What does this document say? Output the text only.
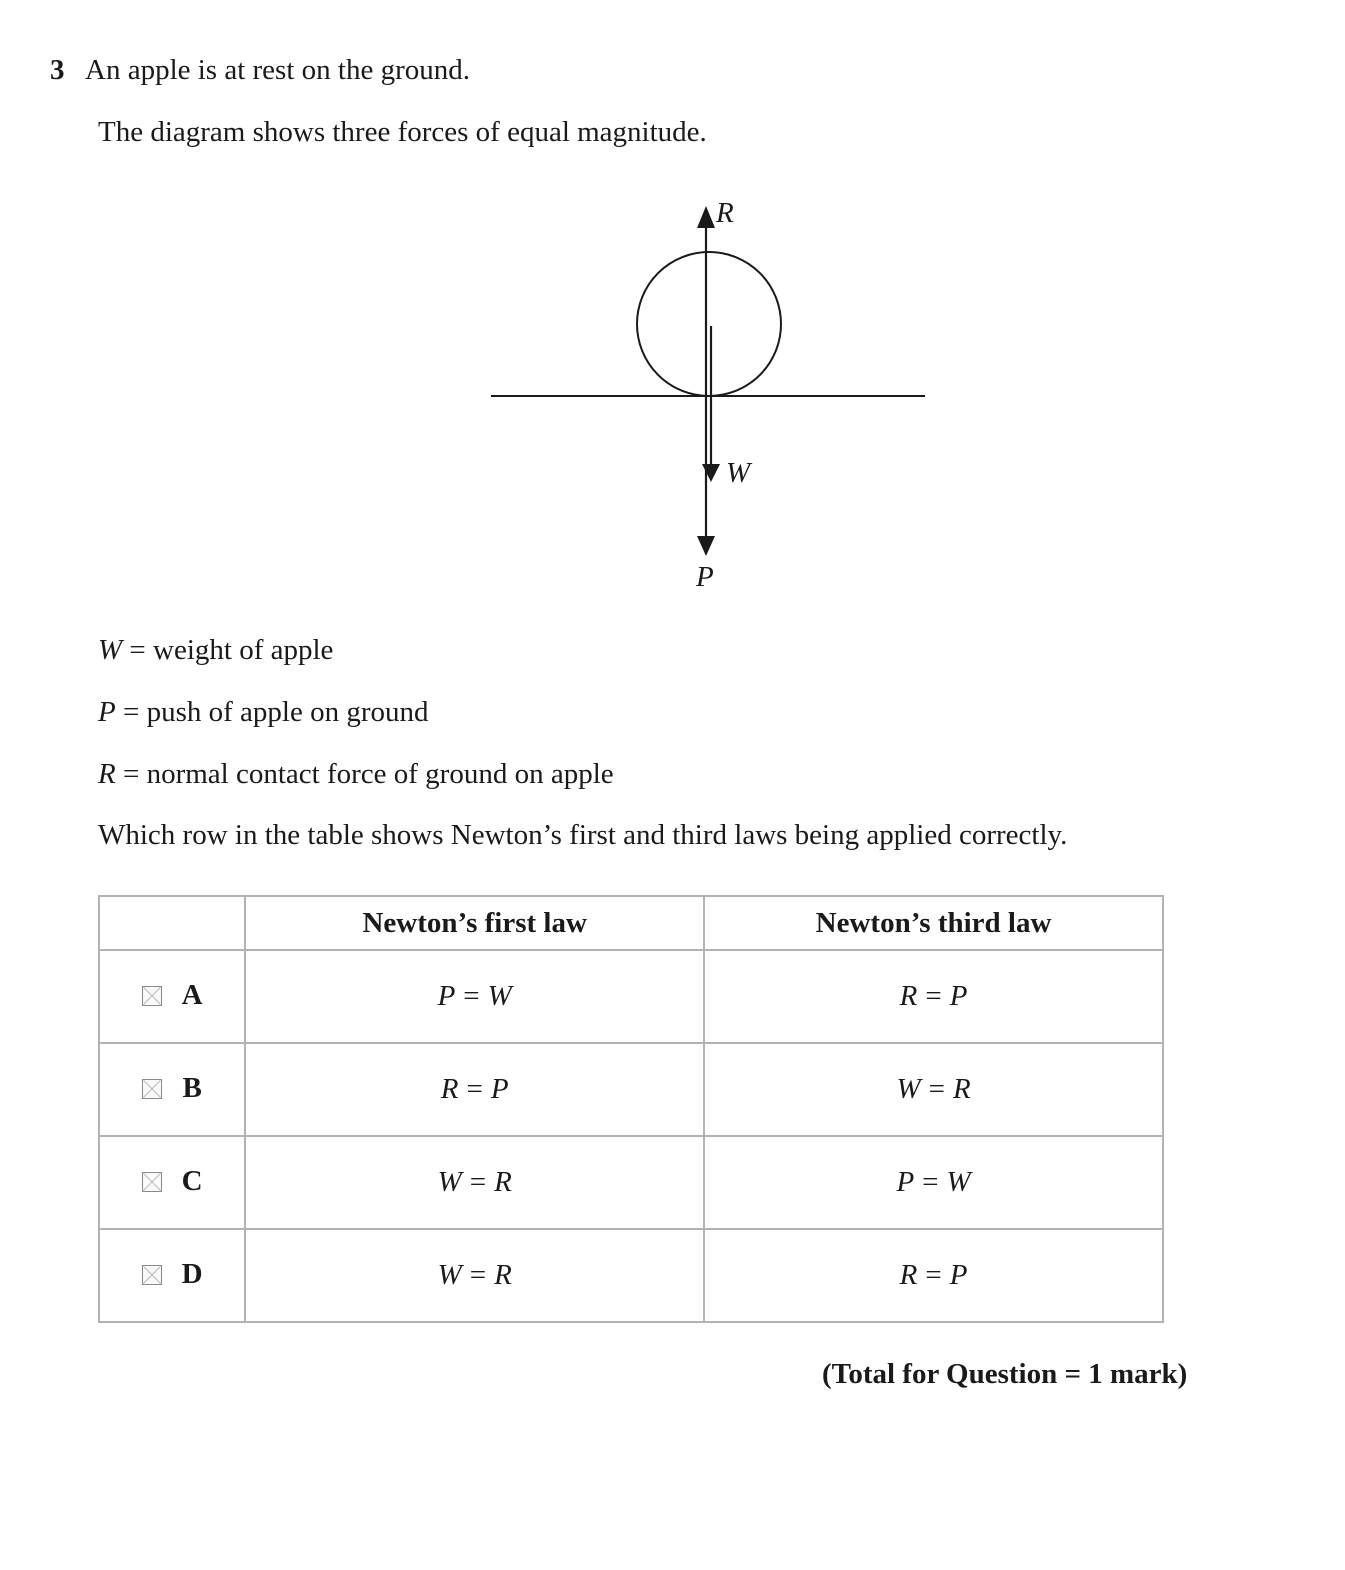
3 An apple is at rest on the ground.
The diagram shows three forces of equal magnitude.
R
W
P
W = weight of apple
P = push of apple on ground
R = normal contact force of ground on apple
Which row in the table shows Newton’s first and third laws being applied correctly.
	Newton’s first law	Newton’s third law

A	P = W	R = P

B	R = P	W = R

C	W = R	P = W

D	W = R	R = P
(Total for Question = 1 mark)
